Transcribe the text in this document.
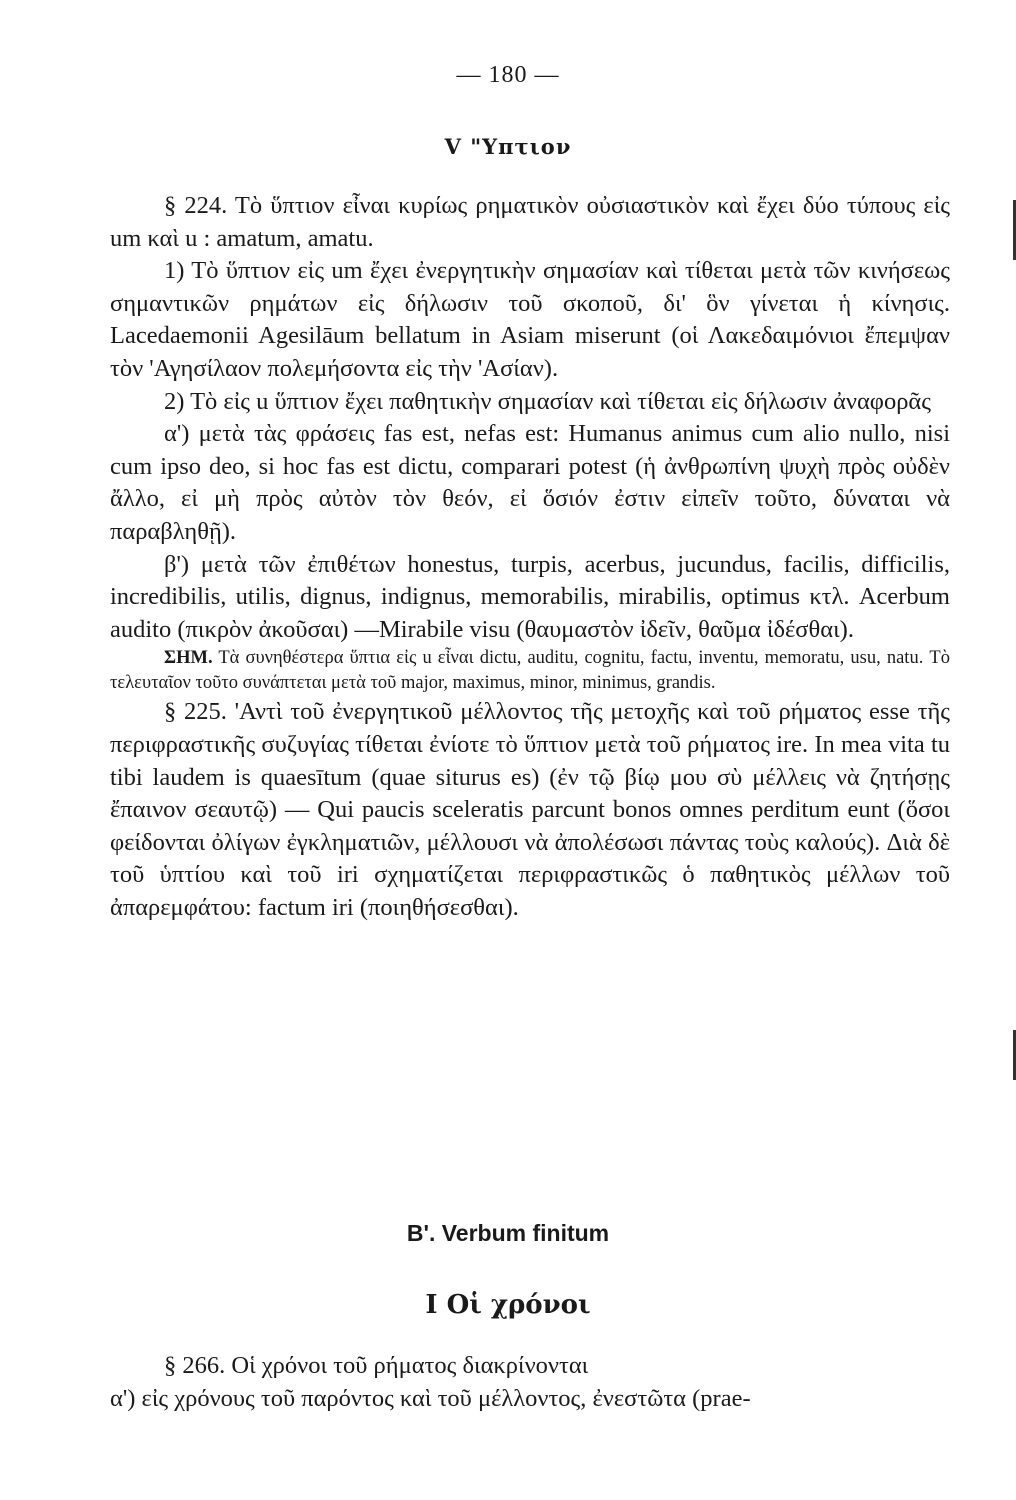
— 180 —
V "Υπτιον

§ 224. Τὸ ὕπτιον εἶναι κυρίως ρηματικὸν οὐσιαστικὸν καὶ ἔχει δύο τύπους εἰς um καὶ u : amatum, amatu.

1) Τὸ ὕπτιον εἰς um ἔχει ἐνεργητικὴν σημασίαν καὶ τίθεται μετὰ τῶν κινήσεως σημαντικῶν ρημάτων εἰς δήλωσιν τοῦ σκοποῦ, δι' ὃν γίνεται ἡ κίνησις. Lacedaemonii Agesilāum bellatum in Asiam miserunt (οἱ Λακεδαιμόνιοι ἔπεμψαν τὸν 'Αγησίλαον πολεμήσοντα εἰς τὴν 'Ασίαν).

2) Τὸ εἰς u ὕπτιον ἔχει παθητικὴν σημασίαν καὶ τίθεται εἰς δήλωσιν ἀναφορᾶς

α') μετὰ τὰς φράσεις fas est, nefas est: Humanus animus cum alio nullo, nisi cum ipso deo, si hoc fas est dictu, comparari potest (ἡ ἀνθρωπίνη ψυχὴ πρὸς οὐδὲν ἄλλο, εἰ μὴ πρὸς αὐτὸν τὸν θεόν, εἰ ὅσιόν ἐστιν εἰπεῖν τοῦτο, δύναται νὰ παραβληθῇ).

β') μετὰ τῶν ἐπιθέτων honestus, turpis, acerbus, jucundus, facilis, difficilis, incredibilis, utilis, dignus, indignus, memorabilis, mirabilis, optimus κτλ. Acerbum audito (πικρὸν ἀκοῦσαι) —Mirabile visu (θαυμαστὸν ἰδεῖν, θαῦμα ἰδέσθαι).

ΣΗΜ. Τὰ συνηθέστερα ὕπτια εἰς u εἶναι dictu, auditu, cognitu, factu, inventu, memoratu, usu, natu. Τὸ τελευταῖον τοῦτο συνάπτεται μετὰ τοῦ major, maximus, minor, minimus, grandis.

§ 225. 'Αντὶ τοῦ ἐνεργητικοῦ μέλλοντος τῆς μετοχῆς καὶ τοῦ ρήματος esse τῆς περιφραστικῆς συζυγίας τίθεται ἐνίοτε τὸ ὕπτιον μετὰ τοῦ ρήματος ire. In mea vita tu tibi laudem is quaesītum (quae siturus es) (ἐν τῷ βίῳ μου σὺ μέλλεις νὰ ζητήσῃς ἔπαινον σεαυτῷ) — Qui paucis sceleratis parcunt bonos omnes perditum eunt (ὅσοι φείδονται ὀλίγων ἐγκληματιῶν, μέλλουσι νὰ ἀπολέσωσι πάντας τοὺς καλούς). Διὰ δὲ τοῦ ὑπτίου καὶ τοῦ iri σχηματίζεται περιφραστικῶς ὁ παθητικὸς μέλλων τοῦ ἀπαρεμφάτου: factum iri (ποιηθήσεσθαι).

Β'. Verbum finitum
I Οἱ χρόνοι

§ 266. Οἱ χρόνοι τοῦ ρήματος διακρίνονται

α') εἰς χρόνους τοῦ παρόντος καὶ τοῦ μέλλοντος, ἐνεστῶτα (prae-
